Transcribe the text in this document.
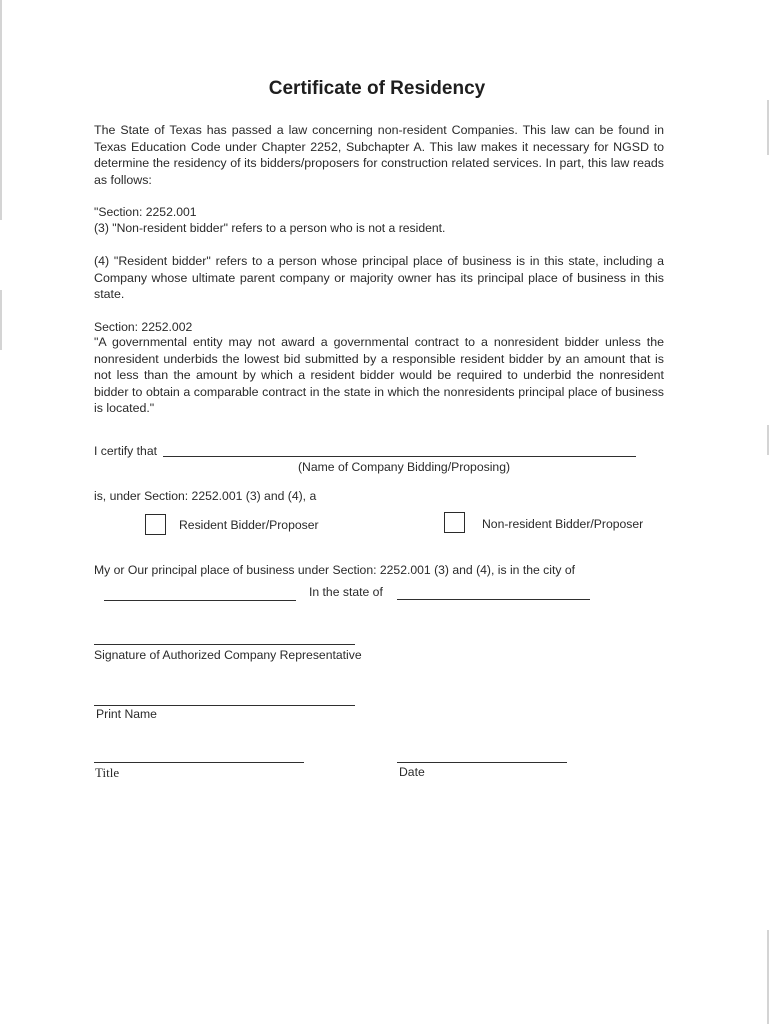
Certificate of Residency

The State of Texas has passed a law concerning non-resident Companies. This law can be found in Texas Education Code under Chapter 2252, Subchapter A. This law makes it necessary for NGSD to determine the residency of its bidders/proposers for construction related services. In part, this law reads as follows:

"Section: 2252.001
(3) "Non-resident bidder" refers to a person who is not a resident.

(4) "Resident bidder" refers to a person whose principal place of business is in this state, including a Company whose ultimate parent company or majority owner has its principal place of business in this state.

Section: 2252.002

"A governmental entity may not award a governmental contract to a nonresident bidder unless the nonresident underbids the lowest bid submitted by a responsible resident bidder by an amount that is not less than the amount by which a resident bidder would be required to underbid the nonresident bidder to obtain a comparable contract in the state in which the nonresidents principal place of business is located."

I certify that
(Name of Company Bidding/Proposing)
is, under Section: 2252.001 (3) and (4), a
Resident Bidder/Proposer	Non-resident Bidder/Proposer
My or Our principal place of business under Section: 2252.001 (3) and (4), is in the city of
In the state of
Signature of Authorized Company Representative
Print Name
Title	Date
